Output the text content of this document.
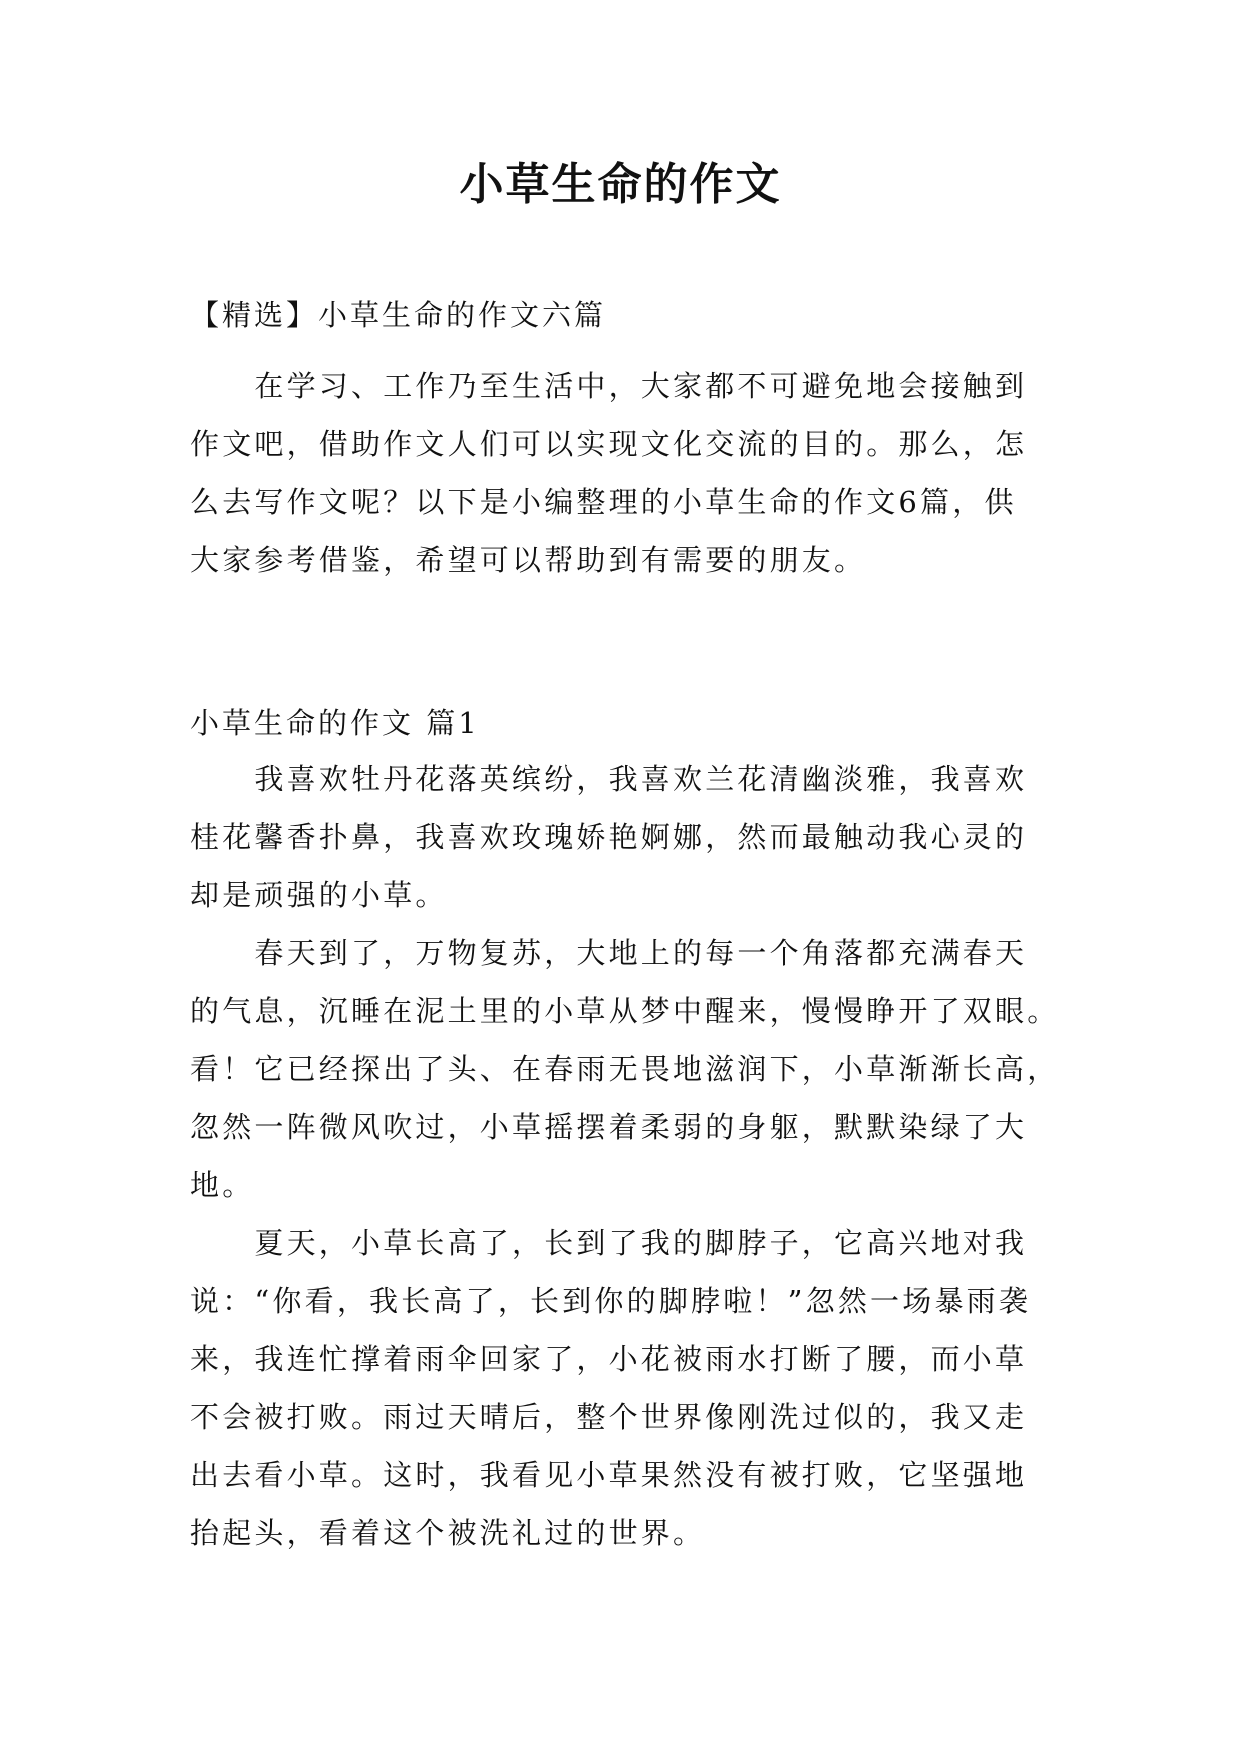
小草生命的作文

【精选】小草生命的作文六篇

　　在学习、工作乃至生活中，大家都不可避免地会接触到
作文吧，借助作文人们可以实现文化交流的目的。那么，怎
么去写作文呢？以下是小编整理的小草生命的作文6篇，供
大家参考借鉴，希望可以帮助到有需要的朋友。

小草生命的作文 篇1

　　我喜欢牡丹花落英缤纷，我喜欢兰花清幽淡雅，我喜欢
桂花馨香扑鼻，我喜欢玫瑰娇艳婀娜，然而最触动我心灵的
却是顽强的小草。
　　春天到了，万物复苏，大地上的每一个角落都充满春天
的气息，沉睡在泥土里的小草从梦中醒来，慢慢睁开了双眼。
看！它已经探出了头、在春雨无畏地滋润下，小草渐渐长高，
忽然一阵微风吹过，小草摇摆着柔弱的身躯，默默染绿了大
地。
　　夏天，小草长高了，长到了我的脚脖子，它高兴地对我
说：“你看，我长高了，长到你的脚脖啦！”忽然一场暴雨袭
来，我连忙撑着雨伞回家了，小花被雨水打断了腰，而小草
不会被打败。雨过天晴后，整个世界像刚洗过似的，我又走
出去看小草。这时，我看见小草果然没有被打败，它坚强地
抬起头，看着这个被洗礼过的世界。
